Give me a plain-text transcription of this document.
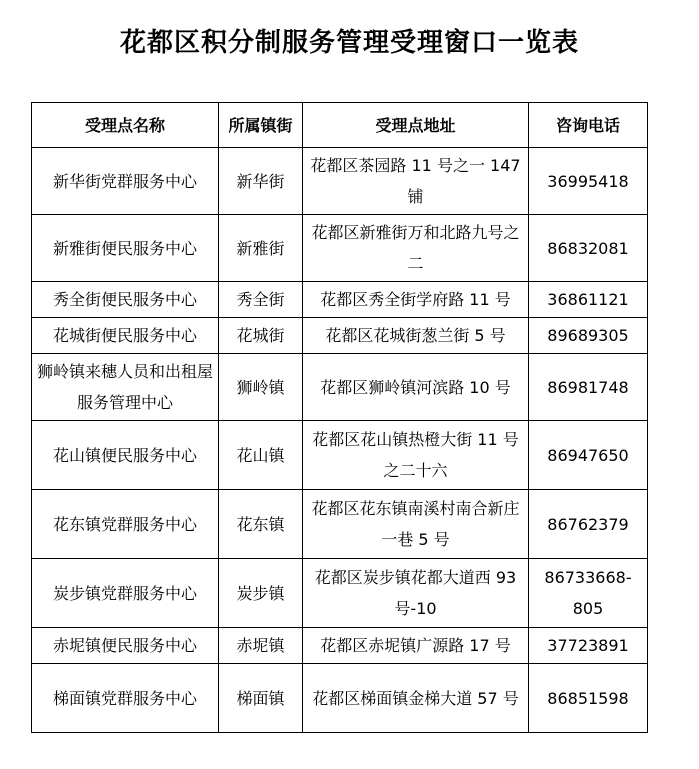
花都区积分制服务管理受理窗口一览表
受理点名称	所属镇街	受理点地址	咨询电话
新华街党群服务中心	新华街	花都区茶园路 11 号之一 147 铺	36995418
新雅街便民服务中心	新雅街	花都区新雅街万和北路九号之二	86832081
秀全街便民服务中心	秀全街	花都区秀全街学府路 11 号	36861121
花城街便民服务中心	花城街	花都区花城街葱兰街 5 号	89689305
狮岭镇来穗人员和出租屋服务管理中心	狮岭镇	花都区狮岭镇河滨路 10 号	86981748
花山镇便民服务中心	花山镇	花都区花山镇热橙大街 11 号之二十六	86947650
花东镇党群服务中心	花东镇	花都区花东镇南溪村南合新庄一巷 5 号	86762379
炭步镇党群服务中心	炭步镇	花都区炭步镇花都大道西 93 号-10	86733668-805
赤坭镇便民服务中心	赤坭镇	花都区赤坭镇广源路 17 号	37723891
梯面镇党群服务中心	梯面镇	花都区梯面镇金梯大道 57 号	86851598
